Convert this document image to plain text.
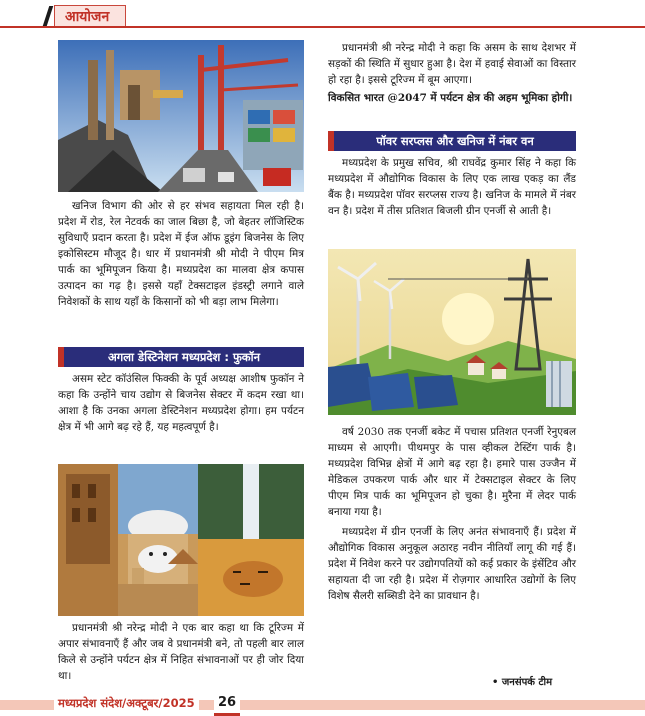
आयोजन

खनिज विभाग की ओर से हर संभव सहायता मिल रही है। प्रदेश में रोड, रेल नेटवर्क का जाल बिछा है, जो बेहतर लॉजिस्टिक सुविधाएँ प्रदान करता है। प्रदेश में ईज ऑफ डूइंग बिजनेस के लिए इकोसिस्टम मौजूद है। धार में प्रधानमंत्री श्री मोदी ने पीएम मित्र पार्क का भूमिपूजन किया है। मध्यप्रदेश का मालवा क्षेत्र कपास उत्पादन का गढ़ है। इससे यहाँ टेक्सटाइल इंडस्ट्री लगाने वाले निवेशकों के साथ यहाँ के किसानों को भी बड़ा लाभ मिलेगा।

अगला डेस्टिनेशन मध्यप्रदेश : फुकॉन

असम स्टेट कॉउंसिल फिक्की के पूर्व अध्यक्ष आशीष फुकॉन ने कहा कि उन्होंने चाय उद्योग से बिजनेस सेक्टर में कदम रखा था। आशा है कि उनका अगला डेस्टिनेशन मध्यप्रदेश होगा। हम पर्यटन क्षेत्र में भी आगे बढ़ रहे हैं, यह महत्वपूर्ण है।

प्रधानमंत्री श्री नरेन्द्र मोदी ने एक बार कहा था कि टूरिज्म में अपार संभावनाएँ हैं और जब वे प्रधानमंत्री बने, तो पहली बार लाल किले से उन्होंने पर्यटन क्षेत्र में निहित संभावनाओं पर ही जोर दिया था।

प्रधानमंत्री श्री नरेन्द्र मोदी ने कहा कि असम के साथ देशभर में सड़कों की स्थिति में सुधार हुआ है। देश में हवाई सेवाओं का विस्तार हो रहा है। इससे टूरिज्म में बूम आएगा।

विकसित भारत @2047 में पर्यटन क्षेत्र की अहम भूमिका होगी।

पॉवर सरप्लस और खनिज में नंबर वन

मध्यप्रदेश के प्रमुख सचिव, श्री राघवेंद्र कुमार सिंह ने कहा कि मध्यप्रदेश में औद्योगिक विकास के लिए एक लाख एकड़ का लैंड बैंक है। मध्यप्रदेश पॉवर सरप्लस राज्य है। खनिज के मामले में नंबर वन है। प्रदेश में तीस प्रतिशत बिजली ग्रीन एनर्जी से आती है।

वर्ष 2030 तक एनर्जी बकेट में पचास प्रतिशत एनर्जी रेनुएबल माध्यम से आएगी। पीथमपुर के पास व्हीकल टेस्टिंग पार्क है। मध्यप्रदेश विभिन्न क्षेत्रों में आगे बढ़ रहा है। हमारे पास उज्जैन में मेडिकल उपकरण पार्क और धार में टेक्सटाइल सेक्टर के लिए पीएम मित्र पार्क का भूमिपूजन हो चुका है। मुरैना में लेदर पार्क बनाया गया है।

मध्यप्रदेश में ग्रीन एनर्जी के लिए अनंत संभावनाएँ हैं। प्रदेश में औद्योगिक विकास अनुकूल अठारह नवीन नीतियाँ लागू की गई हैं। प्रदेश में निवेश करने पर उद्योगपतियों को कई प्रकार के इंसेंटिव और सहायता दी जा रही है। प्रदेश में रोज़गार आधारित उद्योगों के लिए विशेष सैलरी सब्सिडी देने का प्रावधान है।

• जनसंपर्क टीम
मध्यप्रदेश संदेश/अक्टूबर/2025	26
